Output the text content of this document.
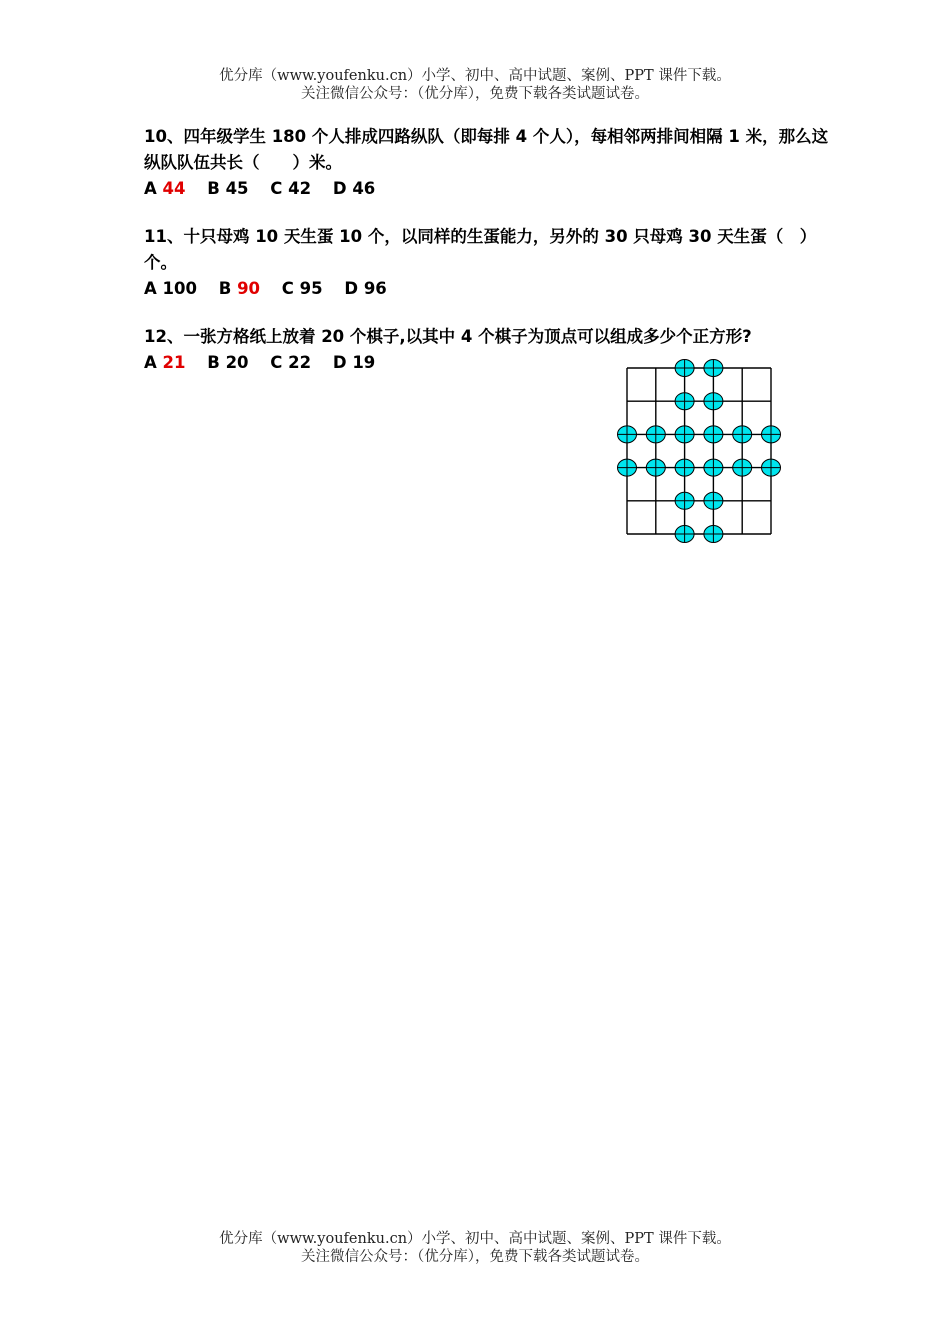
优分库（www.youfenku.cn）小学、初中、高中试题、案例、PPT 课件下载。
关注微信公众号：（优分库），免费下载各类试题试卷。
10、四年级学生 180 个人排成四路纵队（即每排 4 个人），每相邻两排间相隔 1 米，那么这纵队队伍共长（　　）米。
A 44 B 45 C 42 D 46
11、十只母鸡 10 天生蛋 10 个，以同样的生蛋能力，另外的 30 只母鸡 30 天生蛋（　）个。
A 100 B 90 C 95 D 96
12、一张方格纸上放着 20 个棋子,以其中 4 个棋子为顶点可以组成多少个正方形?
A 21 B 20 C 22 D 19
优分库（www.youfenku.cn）小学、初中、高中试题、案例、PPT 课件下载。
关注微信公众号：（优分库），免费下载各类试题试卷。
